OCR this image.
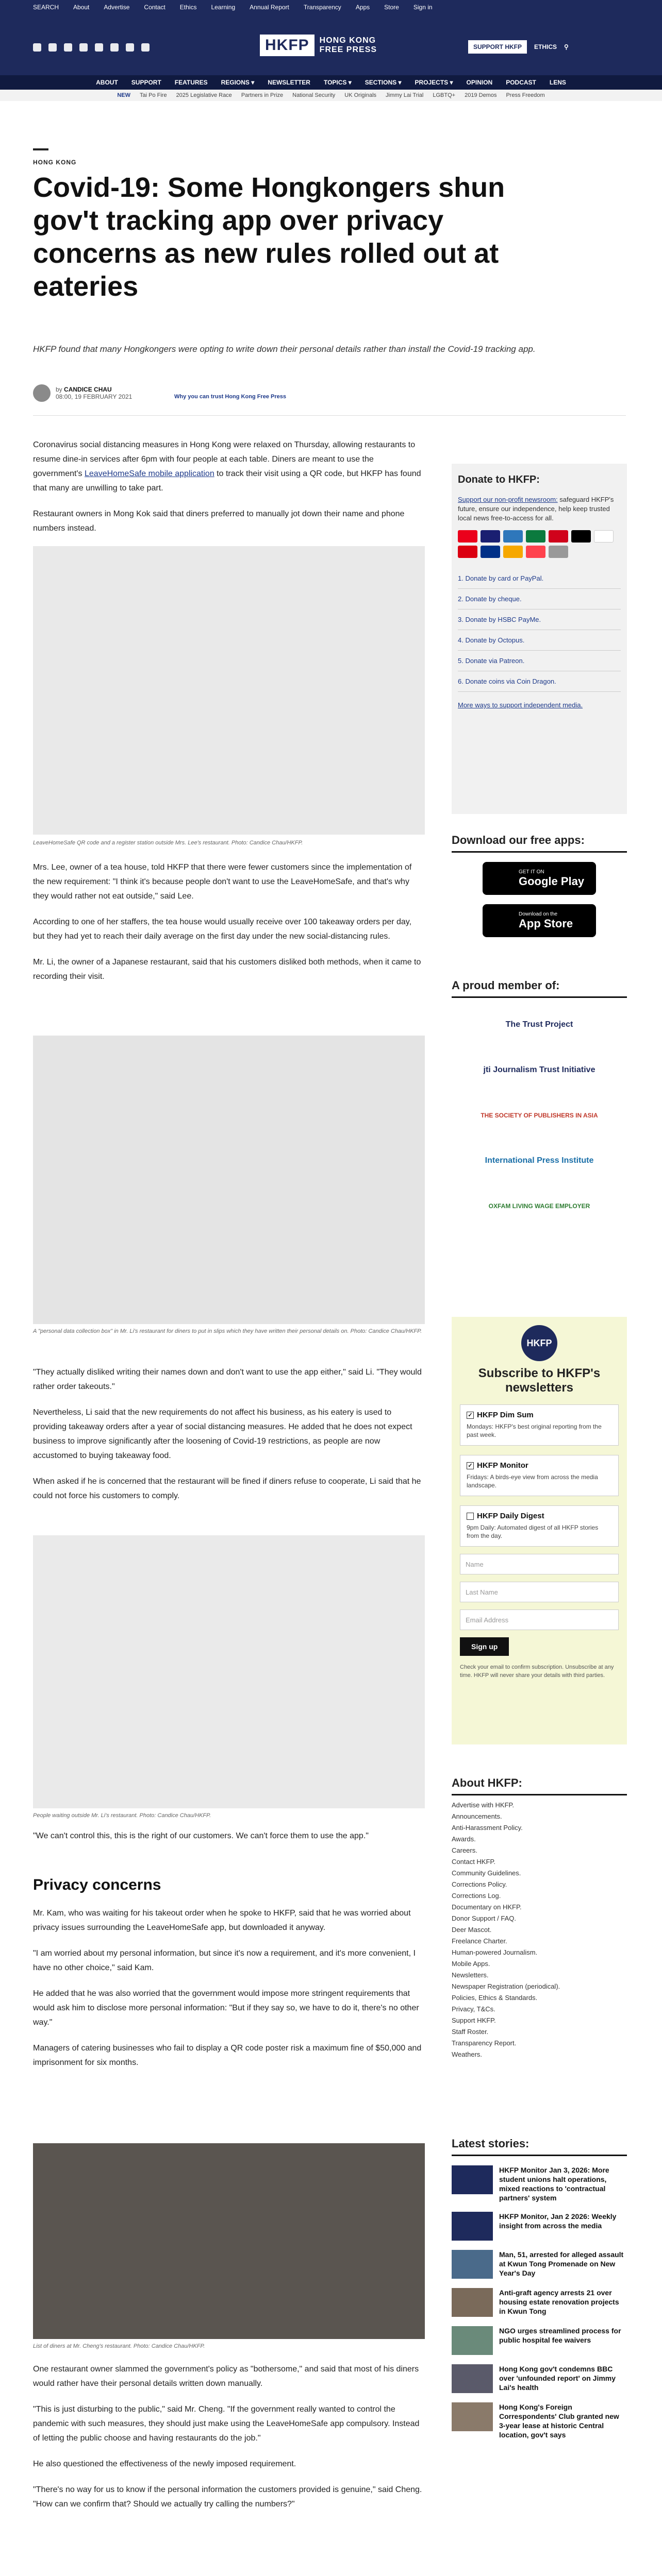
SEARCH About Advertise Contact Ethics Learning Annual Report Transparency Apps Store Sign in
HKFP	HONG KONG
FREE PRESS	SUPPORT HKFP	ETHICS ⚲
ABOUT SUPPORT FEATURES REGIONS ▾ NEWSLETTER TOPICS ▾ SECTIONS ▾ PROJECTS ▾ OPINION PODCAST LENS
NEW Tai Po Fire 2025 Legislative Race Partners in Prize National Security UK Originals Jimmy Lai Trial LGBTQ+ 2019 Demos Press Freedom
HONG KONG
Covid-19: Some Hongkongers shun gov't tracking app over privacy concerns as new rules rolled out at eateries
HKFP found that many Hongkongers were opting to write down their personal details rather than install the Covid-19 tracking app.
by CANDICE CHAU
08:00, 19 FEBRUARY 2021	Why you can trust Hong Kong Free Press

Coronavirus social distancing measures in Hong Kong were relaxed on Thursday, allowing restaurants to resume dine-in services after 6pm with four people at each table. Diners are meant to use the government's LeaveHomeSafe mobile application to track their visit using a QR code, but HKFP has found that many are unwilling to take part.

Restaurant owners in Mong Kok said that diners preferred to manually jot down their name and phone numbers instead.

LeaveHomeSafe QR code and a register station outside Mrs. Lee's restaurant. Photo: Candice Chau/HKFP.

Mrs. Lee, owner of a tea house, told HKFP that there were fewer customers since the implementation of the new requirement: "I think it's because people don't want to use the LeaveHomeSafe, and that's why they would rather not eat outside," said Lee.

According to one of her staffers, the tea house would usually receive over 100 takeaway orders per day, but they had yet to reach their daily average on the first day under the new social-distancing rules.

Mr. Li, the owner of a Japanese restaurant, said that his customers disliked both methods, when it came to recording their visit.

A "personal data collection box" in Mr. Li's restaurant for diners to put in slips which they have written their personal details on. Photo: Candice Chau/HKFP.

"They actually disliked writing their names down and don't want to use the app either," said Li. "They would rather order takeouts."

Nevertheless, Li said that the new requirements do not affect his business, as his eatery is used to providing takeaway orders after a year of social distancing measures. He added that he does not expect business to improve significantly after the loosening of Covid-19 restrictions, as people are now accustomed to buying takeaway food.

When asked if he is concerned that the restaurant will be fined if diners refuse to cooperate, Li said that he could not force his customers to comply.

People waiting outside Mr. Li's restaurant. Photo: Candice Chau/HKFP.

"We can't control this, this is the right of our customers. We can't force them to use the app."

Privacy concerns

Mr. Kam, who was waiting for his takeout order when he spoke to HKFP, said that he was worried about privacy issues surrounding the LeaveHomeSafe app, but downloaded it anyway.

"I am worried about my personal information, but since it's now a requirement, and it's more convenient, I have no other choice," said Kam.

He added that he was also worried that the government would impose more stringent requirements that would ask him to disclose more personal information: "But if they say so, we have to do it, there's no other way."

Managers of catering businesses who fail to display a QR code poster risk a maximum fine of $50,000 and imprisonment for six months.

List of diners at Mr. Cheng's restaurant. Photo: Candice Chau/HKFP.

One restaurant owner slammed the government's policy as "bothersome," and said that most of his diners would rather have their personal details written down manually.

"This is just disturbing to the public," said Mr. Cheng. "If the government really wanted to control the pandemic with such measures, they should just make using the LeaveHomeSafe app compulsory. Instead of letting the public choose and having restaurants do the job."

He also questioned the effectiveness of the newly imposed requirement.

"There's no way for us to know if the personal information the customers provided is genuine," said Cheng. "How can we confirm that? Should we actually try calling the numbers?"

Donate to HKFP:

Support our non-profit newsroom: safeguard HKFP's future, ensure our independence, help keep trusted local news free-to-access for all.

1. Donate by card or PayPal.
2. Donate by cheque.
3. Donate by HSBC PayMe.
4. Donate by Octopus.
5. Donate via Patreon.
6. Donate coins via Coin Dragon.
More ways to support independent media.
Download our free apps:
GET IT ON
Google Play
Download on the
App Store
A proud member of:
The Trust Project
jti Journalism Trust Initiative
THE SOCIETY OF PUBLISHERS IN ASIA
International Press Institute
OXFAM LIVING WAGE EMPLOYER
HKFP
Subscribe to HKFP's newsletters
✓ HKFP Dim Sum
Mondays: HKFP's best original reporting from the past week.
✓ HKFP Monitor
Fridays: A birds-eye view from across the media landscape.
HKFP Daily Digest
9pm Daily: Automated digest of all HKFP stories from the day.
Name
Last Name
Email Address
Sign up
Check your email to confirm subscription. Unsubscribe at any time. HKFP will never share your details with third parties.
About HKFP:
Advertise with HKFP.
Announcements.
Anti-Harassment Policy.
Awards.
Careers.
Contact HKFP.
Community Guidelines.
Corrections Policy.
Corrections Log.
Documentary on HKFP.
Donor Support / FAQ.
Deer Mascot.
Freelance Charter.
Human-powered Journalism.
Mobile Apps.
Newsletters.
Newspaper Registration (periodical).
Policies, Ethics & Standards.
Privacy, T&Cs.
Support HKFP.
Staff Roster.
Transparency Report.
Weathers.
Latest stories:
HKFP Monitor Jan 3, 2026: More student unions halt operations, mixed reactions to 'contractual partners' system
HKFP Monitor, Jan 2 2026: Weekly insight from across the media
Man, 51, arrested for alleged assault at Kwun Tong Promenade on New Year's Day
Anti-graft agency arrests 21 over housing estate renovation projects in Kwun Tong
NGO urges streamlined process for public hospital fee waivers
Hong Kong gov't condemns BBC over 'unfounded report' on Jimmy Lai's health
Hong Kong's Foreign Correspondents' Club granted new 3-year lease at historic Central location, gov't says
